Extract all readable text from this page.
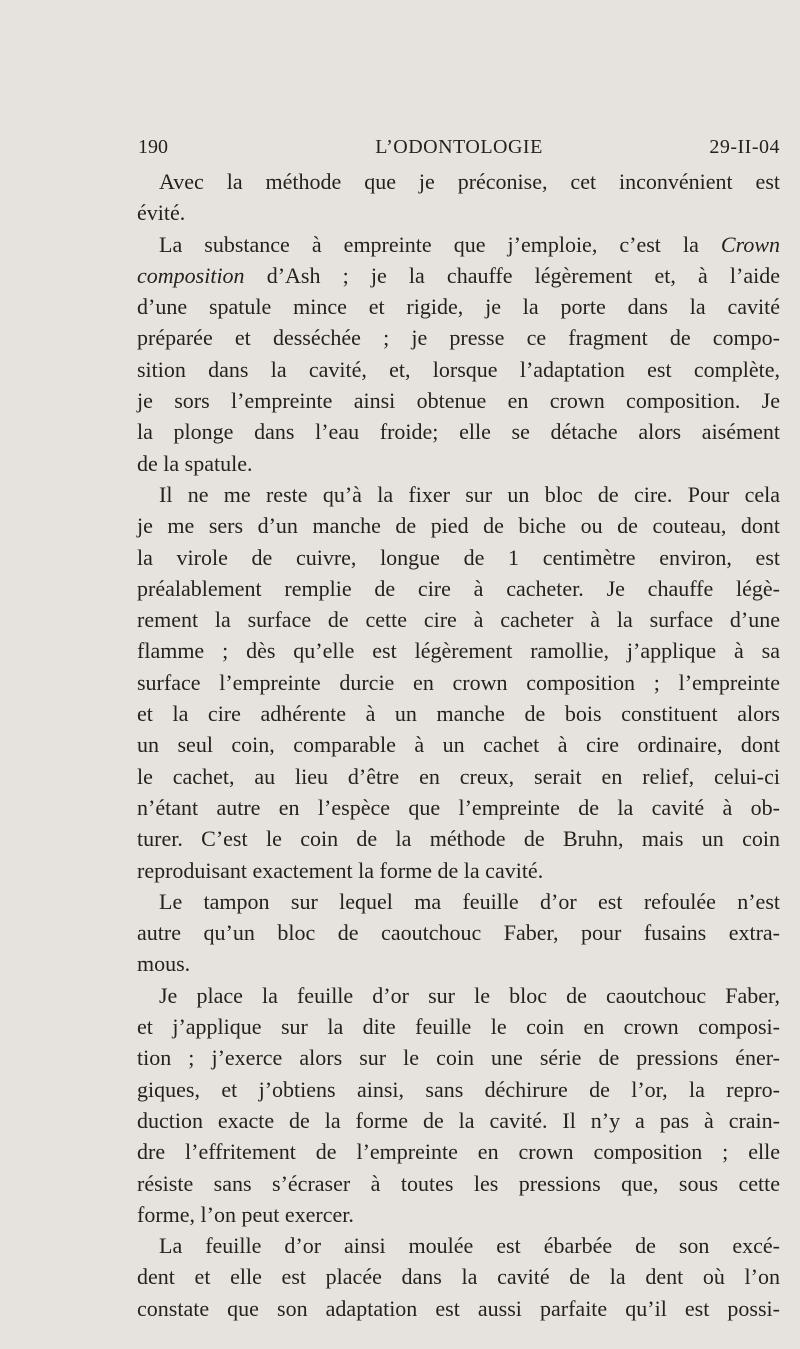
190	L’ODONTOLOGIE	29-II-04
Avec la méthode que je préconise, cet inconvénient est
évité.
La substance à empreinte que j’emploie, c’est la Crown
composition d’Ash ; je la chauffe légèrement et, à l’aide
d’une spatule mince et rigide, je la porte dans la cavité
préparée et desséchée ; je presse ce fragment de compo-
sition dans la cavité, et, lorsque l’adaptation est complète,
je sors l’empreinte ainsi obtenue en crown composition. Je
la plonge dans l’eau froide; elle se détache alors aisément
de la spatule.
Il ne me reste qu’à la fixer sur un bloc de cire. Pour cela
je me sers d’un manche de pied de biche ou de couteau, dont
la virole de cuivre, longue de 1 centimètre environ, est
préalablement remplie de cire à cacheter. Je chauffe légè-
rement la surface de cette cire à cacheter à la surface d’une
flamme ; dès qu’elle est légèrement ramollie, j’applique à sa
surface l’empreinte durcie en crown composition ; l’empreinte
et la cire adhérente à un manche de bois constituent alors
un seul coin, comparable à un cachet à cire ordinaire, dont
le cachet, au lieu d’être en creux, serait en relief, celui-ci
n’étant autre en l’espèce que l’empreinte de la cavité à ob-
turer. C’est le coin de la méthode de Bruhn, mais un coin
reproduisant exactement la forme de la cavité.
Le tampon sur lequel ma feuille d’or est refoulée n’est
autre qu’un bloc de caoutchouc Faber, pour fusains extra-
mous.
Je place la feuille d’or sur le bloc de caoutchouc Faber,
et j’applique sur la dite feuille le coin en crown composi-
tion ; j’exerce alors sur le coin une série de pressions éner-
giques, et j’obtiens ainsi, sans déchirure de l’or, la repro-
duction exacte de la forme de la cavité. Il n’y a pas à crain-
dre l’effritement de l’empreinte en crown composition ; elle
résiste sans s’écraser à toutes les pressions que, sous cette
forme, l’on peut exercer.
La feuille d’or ainsi moulée est ébarbée de son excé-
dent et elle est placée dans la cavité de la dent où l’on
constate que son adaptation est aussi parfaite qu’il est possi-
